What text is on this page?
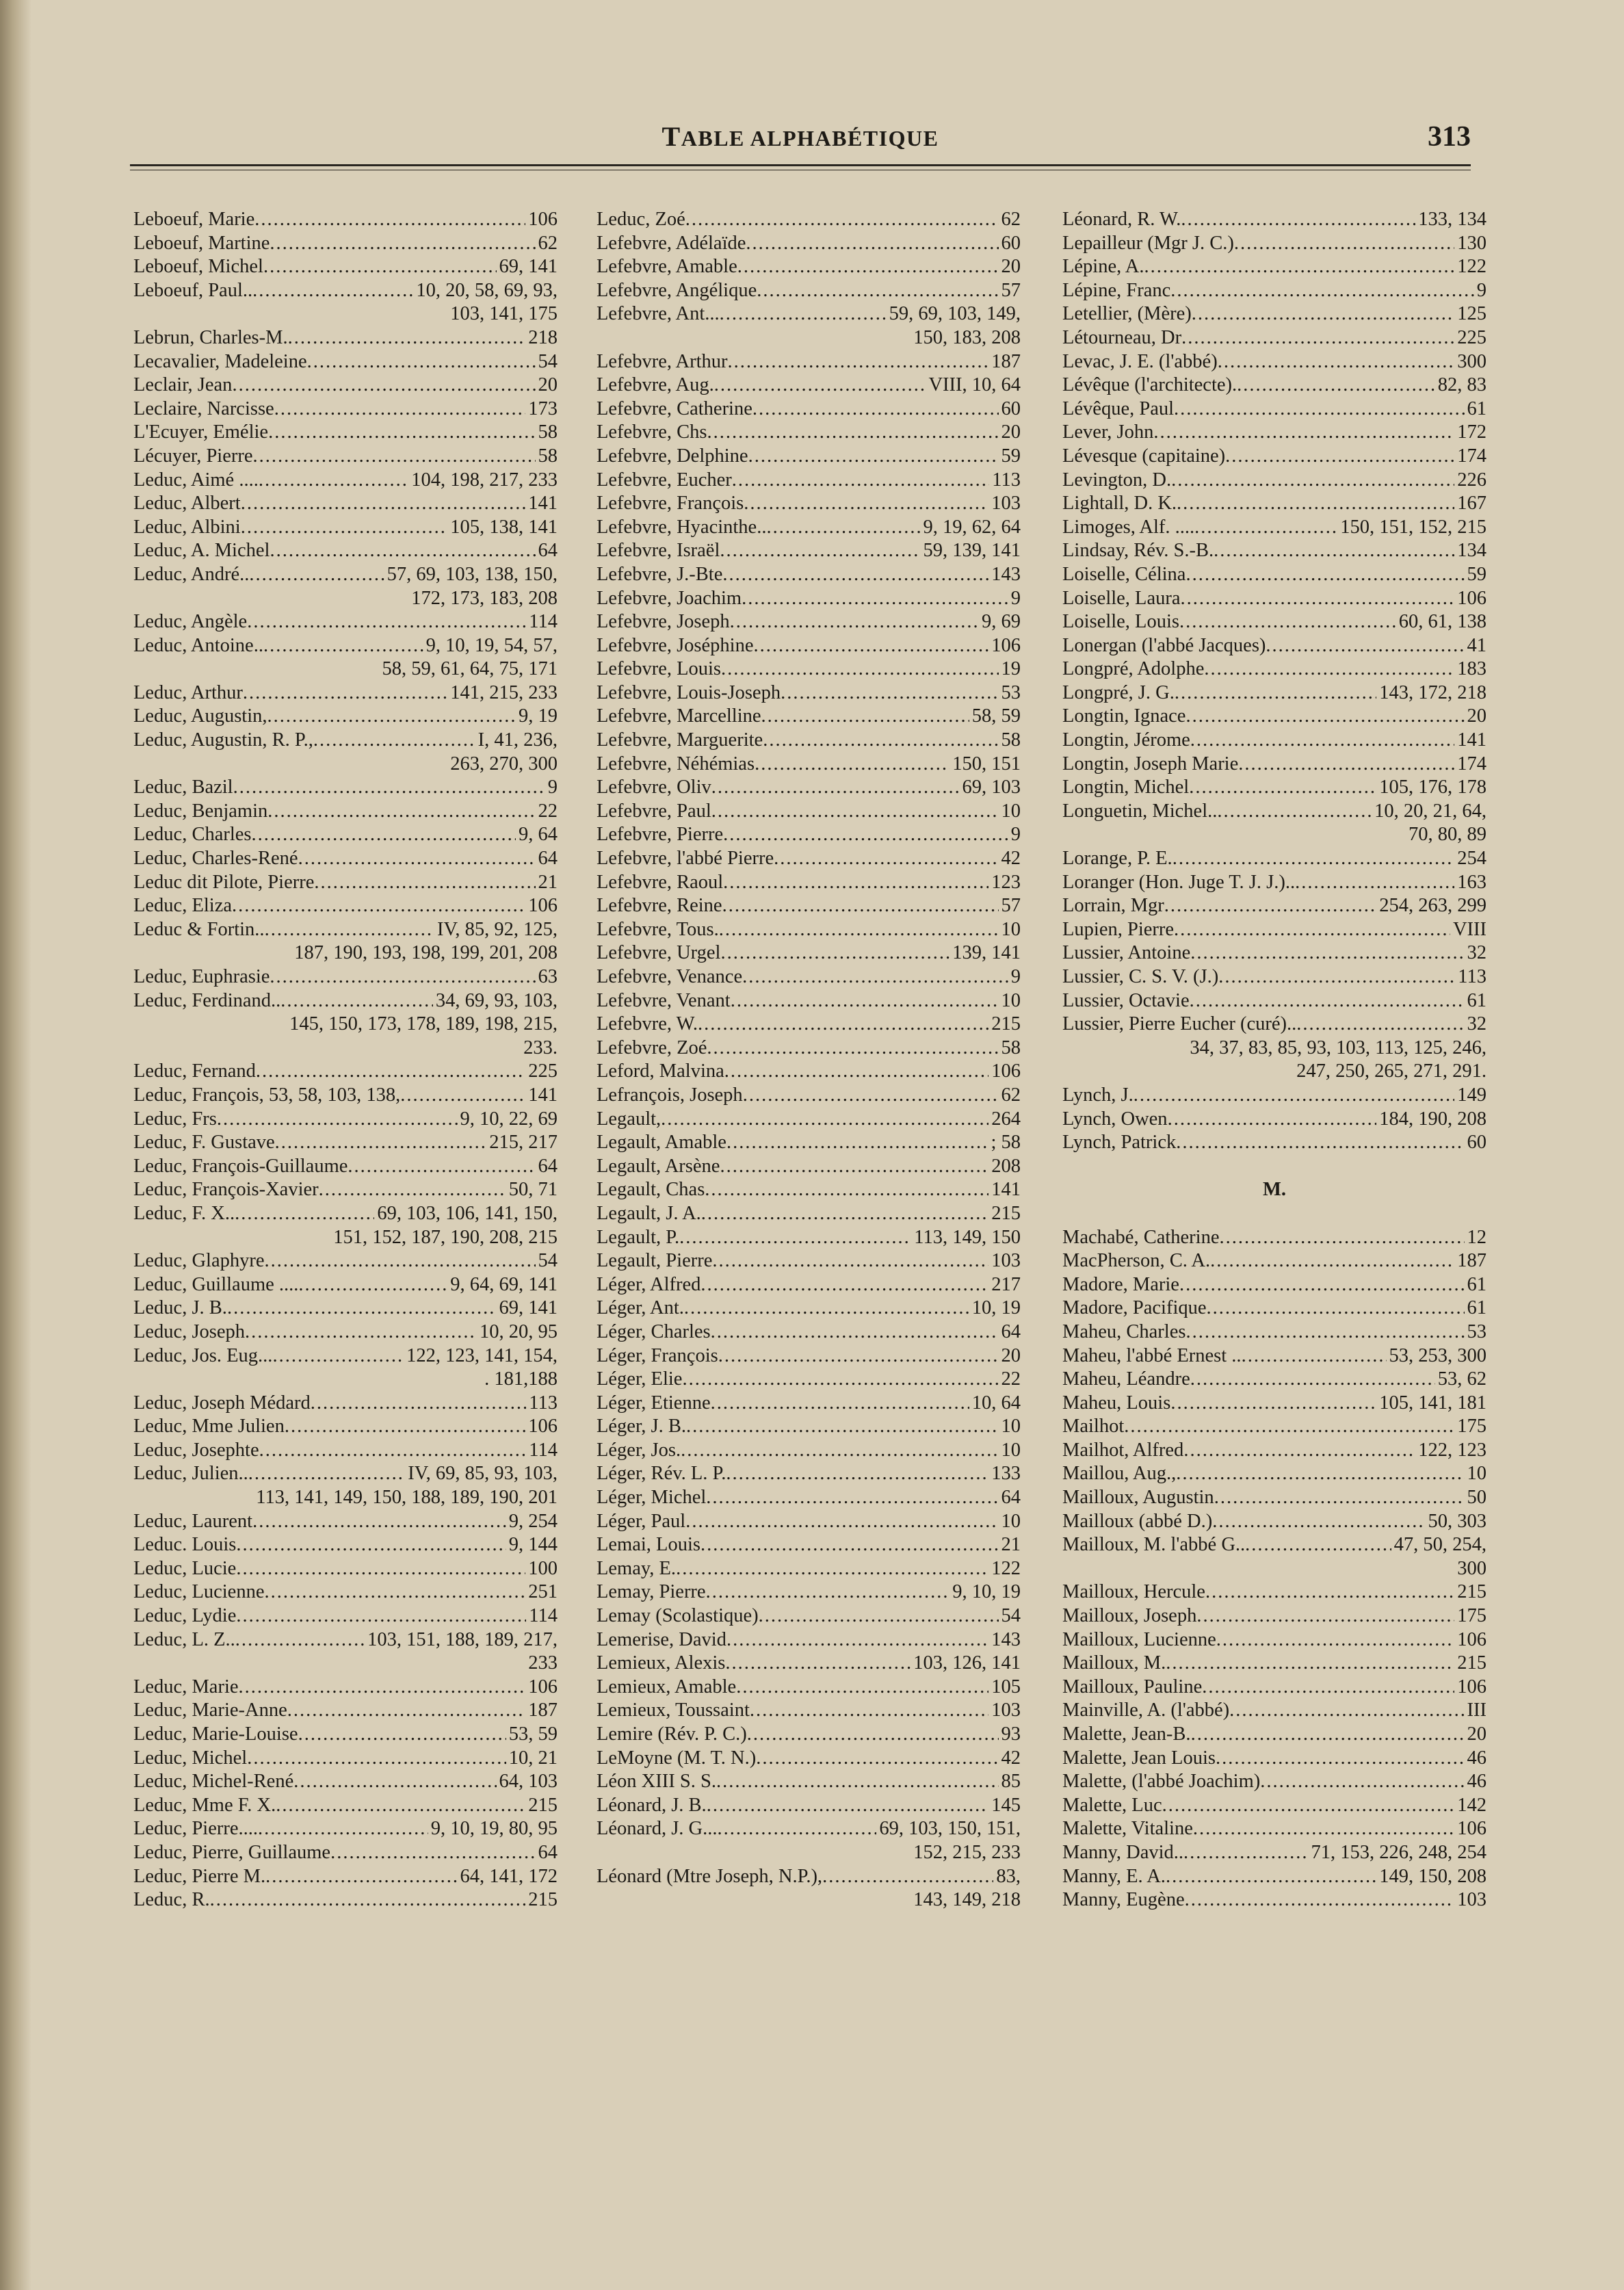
TABLE ALPHABÉTIQUE	313
Leboeuf, Marie .....	106
Leboeuf, Martine .....	62
Leboeuf, Michel .....	69, 141
Leboeuf, Paul.. .....	10, 20, 58, 69, 93,
103, 141, 175
Lebrun, Charles-M. .....	218
Lecavalier, Madeleine .....	54
Leclair, Jean .....	20
Leclaire, Narcisse .....	173
L'Ecuyer, Emélie .....	58
Lécuyer, Pierre .....	58
Leduc, Aimé .... .....	104, 198, 217, 233
Leduc, Albert .....	141
Leduc, Albini .....	105, 138, 141
Leduc, A. Michel .....	64
Leduc, André.. .....	57, 69, 103, 138, 150,
172, 173, 183, 208
Leduc, Angèle .....	114
Leduc, Antoine.. .....	9, 10, 19, 54, 57,
58, 59, 61, 64, 75, 171
Leduc, Arthur .....	141, 215, 233
Leduc, Augustin, .....	9, 19
Leduc, Augustin, R. P., .....	I, 41, 236,
263, 270, 300
Leduc, Bazil .....	9
Leduc, Benjamin .....	22
Leduc, Charles .....	9, 64
Leduc, Charles-René .....	64
Leduc dit Pilote, Pierre .....	21
Leduc, Eliza .....	106
Leduc & Fortin.. .....	IV, 85, 92, 125,
187, 190, 193, 198, 199, 201, 208
Leduc, Euphrasie .....	63
Leduc, Ferdinand.. .....	34, 69, 93, 103,
145, 150, 173, 178, 189, 198, 215,
233.
Leduc, Fernand .....	225
Leduc, François, 53, 58, 103, 138, .....	141
Leduc, Frs .....	9, 10, 22, 69
Leduc, F. Gustave .....	215, 217
Leduc, François-Guillaume .....	64
Leduc, François-Xavier .....	50, 71
Leduc, F. X.. .....	69, 103, 106, 141, 150,
151, 152, 187, 190, 208, 215
Leduc, Glaphyre .....	54
Leduc, Guillaume .... .....	9, 64, 69, 141
Leduc, J. B. .....	69, 141
Leduc, Joseph .....	10, 20, 95
Leduc, Jos. Eug... .....	122, 123, 141, 154,
. 181,188
Leduc, Joseph Médard .....	113
Leduc, Mme Julien .....	106
Leduc, Josephte .....	114
Leduc, Julien.. .....	IV, 69, 85, 93, 103,
113, 141, 149, 150, 188, 189, 190, 201
Leduc, Laurent .....	9, 254
Leduc. Louis .....	9, 144
Leduc, Lucie .....	100
Leduc, Lucienne .....	251
Leduc, Lydie .....	114
Leduc, L. Z.. .....	103, 151, 188, 189, 217,
233
Leduc, Marie .....	106
Leduc, Marie-Anne .....	187
Leduc, Marie-Louise .....	53, 59
Leduc, Michel .....	10, 21
Leduc, Michel-René .....	64, 103
Leduc, Mme F. X. .....	215
Leduc, Pierre.... .....	9, 10, 19, 80, 95
Leduc, Pierre, Guillaume .....	64
Leduc, Pierre M. .....	64, 141, 172
Leduc, R. .....	215
Leduc, Zoé .....	62
Lefebvre, Adélaïde .....	60
Lefebvre, Amable .....	20
Lefebvre, Angélique .....	57
Lefebvre, Ant... .....	59, 69, 103, 149,
150, 183, 208
Lefebvre, Arthur .....	187
Lefebvre, Aug. .....	VIII, 10, 64
Lefebvre, Catherine .....	60
Lefebvre, Chs .....	20
Lefebvre, Delphine .....	59
Lefebvre, Eucher .....	113
Lefebvre, François .....	103
Lefebvre, Hyacinthe.. .....	9, 19, 62, 64
Lefebvre, Israël .....	59, 139, 141
Lefebvre, J.-Bte .....	143
Lefebvre, Joachim .....	9
Lefebvre, Joseph .....	9, 69
Lefebvre, Joséphine .....	106
Lefebvre, Louis .....	19
Lefebvre, Louis-Joseph .....	53
Lefebvre, Marcelline .....	58, 59
Lefebvre, Marguerite .....	58
Lefebvre, Néhémias .....	150, 151
Lefebvre, Oliv .....	69, 103
Lefebvre, Paul .....	10
Lefebvre, Pierre .....	9
Lefebvre, l'abbé Pierre .....	42
Lefebvre, Raoul .....	123
Lefebvre, Reine .....	57
Lefebvre, Tous. .....	10
Lefebvre, Urgel .....	139, 141
Lefebvre, Venance .....	9
Lefebvre, Venant .....	10
Lefebvre, W. .....	215
Lefebvre, Zoé .....	58
Leford, Malvina .....	106
Lefrançois, Joseph .....	62
Legault, .....	264
Legault, Amable .....	; 58
Legault, Arsène .....	208
Legault, Chas .....	141
Legault, J. A. .....	215
Legault, P. .....	113, 149, 150
Legault, Pierre .....	103
Léger, Alfred .....	217
Léger, Ant. .....	10, 19
Léger, Charles .....	64
Léger, François .....	20
Léger, Elie .....	22
Léger, Etienne .....	10, 64
Léger, J. B. .....	10
Léger, Jos. .....	10
Léger, Rév. L. P. .....	133
Léger, Michel .....	64
Léger, Paul .....	10
Lemai, Louis .....	21
Lemay, E. .....	122
Lemay, Pierre .....	9, 10, 19
Lemay (Scolastique) .....	54
Lemerise, David .....	143
Lemieux, Alexis .....	103, 126, 141
Lemieux, Amable .....	105
Lemieux, Toussaint .....	103
Lemire (Rév. P. C.) .....	93
LeMoyne (M. T. N.) .....	42
Léon XIII S. S. .....	85
Léonard, J. B. .....	145
Léonard, J. G... .....	69, 103, 150, 151,
152, 215, 233
Léonard (Mtre Joseph, N.P.), .....	83,
143, 149, 218
Léonard, R. W. .....	133, 134
Lepailleur (Mgr J. C.) .....	130
Lépine, A. .....	122
Lépine, Franc .....	9
Letellier, (Mère) .....	125
Létourneau, Dr .....	225
Levac, J. E. (l'abbé) .....	300
Lévêque (l'architecte). .....	82, 83
Lévêque, Paul .....	61
Lever, John .....	172
Lévesque (capitaine) .....	174
Levington, D. .....	226
Lightall, D. K. .....	167
Limoges, Alf. .... .....	150, 151, 152, 215
Lindsay, Rév. S.-B. .....	134
Loiselle, Célina .....	59
Loiselle, Laura .....	106
Loiselle, Louis .....	60, 61, 138
Lonergan (l'abbé Jacques) .....	41
Longpré, Adolphe .....	183
Longpré, J. G. .....	143, 172, 218
Longtin, Ignace .....	20
Longtin, Jérome .....	141
Longtin, Joseph Marie .....	174
Longtin, Michel .....	105, 176, 178
Longuetin, Michel.. .....	10, 20, 21, 64,
70, 80, 89
Lorange, P. E. .....	254
Loranger (Hon. Juge T. J. J.).. .....	163
Lorrain, Mgr .....	254, 263, 299
Lupien, Pierre .....	VIII
Lussier, Antoine .....	32
Lussier, C. S. V. (J.) .....	113
Lussier, Octavie .....	61
Lussier, Pierre Eucher (curé).. .....	32
34, 37, 83, 85, 93, 103, 113, 125, 246,
247, 250, 265, 271, 291.
Lynch, J. .....	149
Lynch, Owen .....	184, 190, 208
Lynch, Patrick .....	60
M.
Machabé, Catherine .....	12
MacPherson, C. A. .....	187
Madore, Marie .....	61
Madore, Pacifique .....	61
Maheu, Charles .....	53
Maheu, l'abbé Ernest .. .....	53, 253, 300
Maheu, Léandre .....	53, 62
Maheu, Louis .....	105, 141, 181
Mailhot .....	175
Mailhot, Alfred .....	122, 123
Maillou, Aug., .....	10
Mailloux, Augustin .....	50
Mailloux (abbé D.) .....	50, 303
Mailloux, M. l'abbé G.. .....	47, 50, 254,
300
Mailloux, Hercule .....	215
Mailloux, Joseph .....	175
Mailloux, Lucienne .....	106
Mailloux, M. .....	215
Mailloux, Pauline .....	106
Mainville, A. (l'abbé) .....	III
Malette, Jean-B. .....	20
Malette, Jean Louis .....	46
Malette, (l'abbé Joachim) .....	46
Malette, Luc .....	142
Malette, Vitaline .....	106
Manny, David.. .....	71, 153, 226, 248, 254
Manny, E. A. .....	149, 150, 208
Manny, Eugène .....	103
